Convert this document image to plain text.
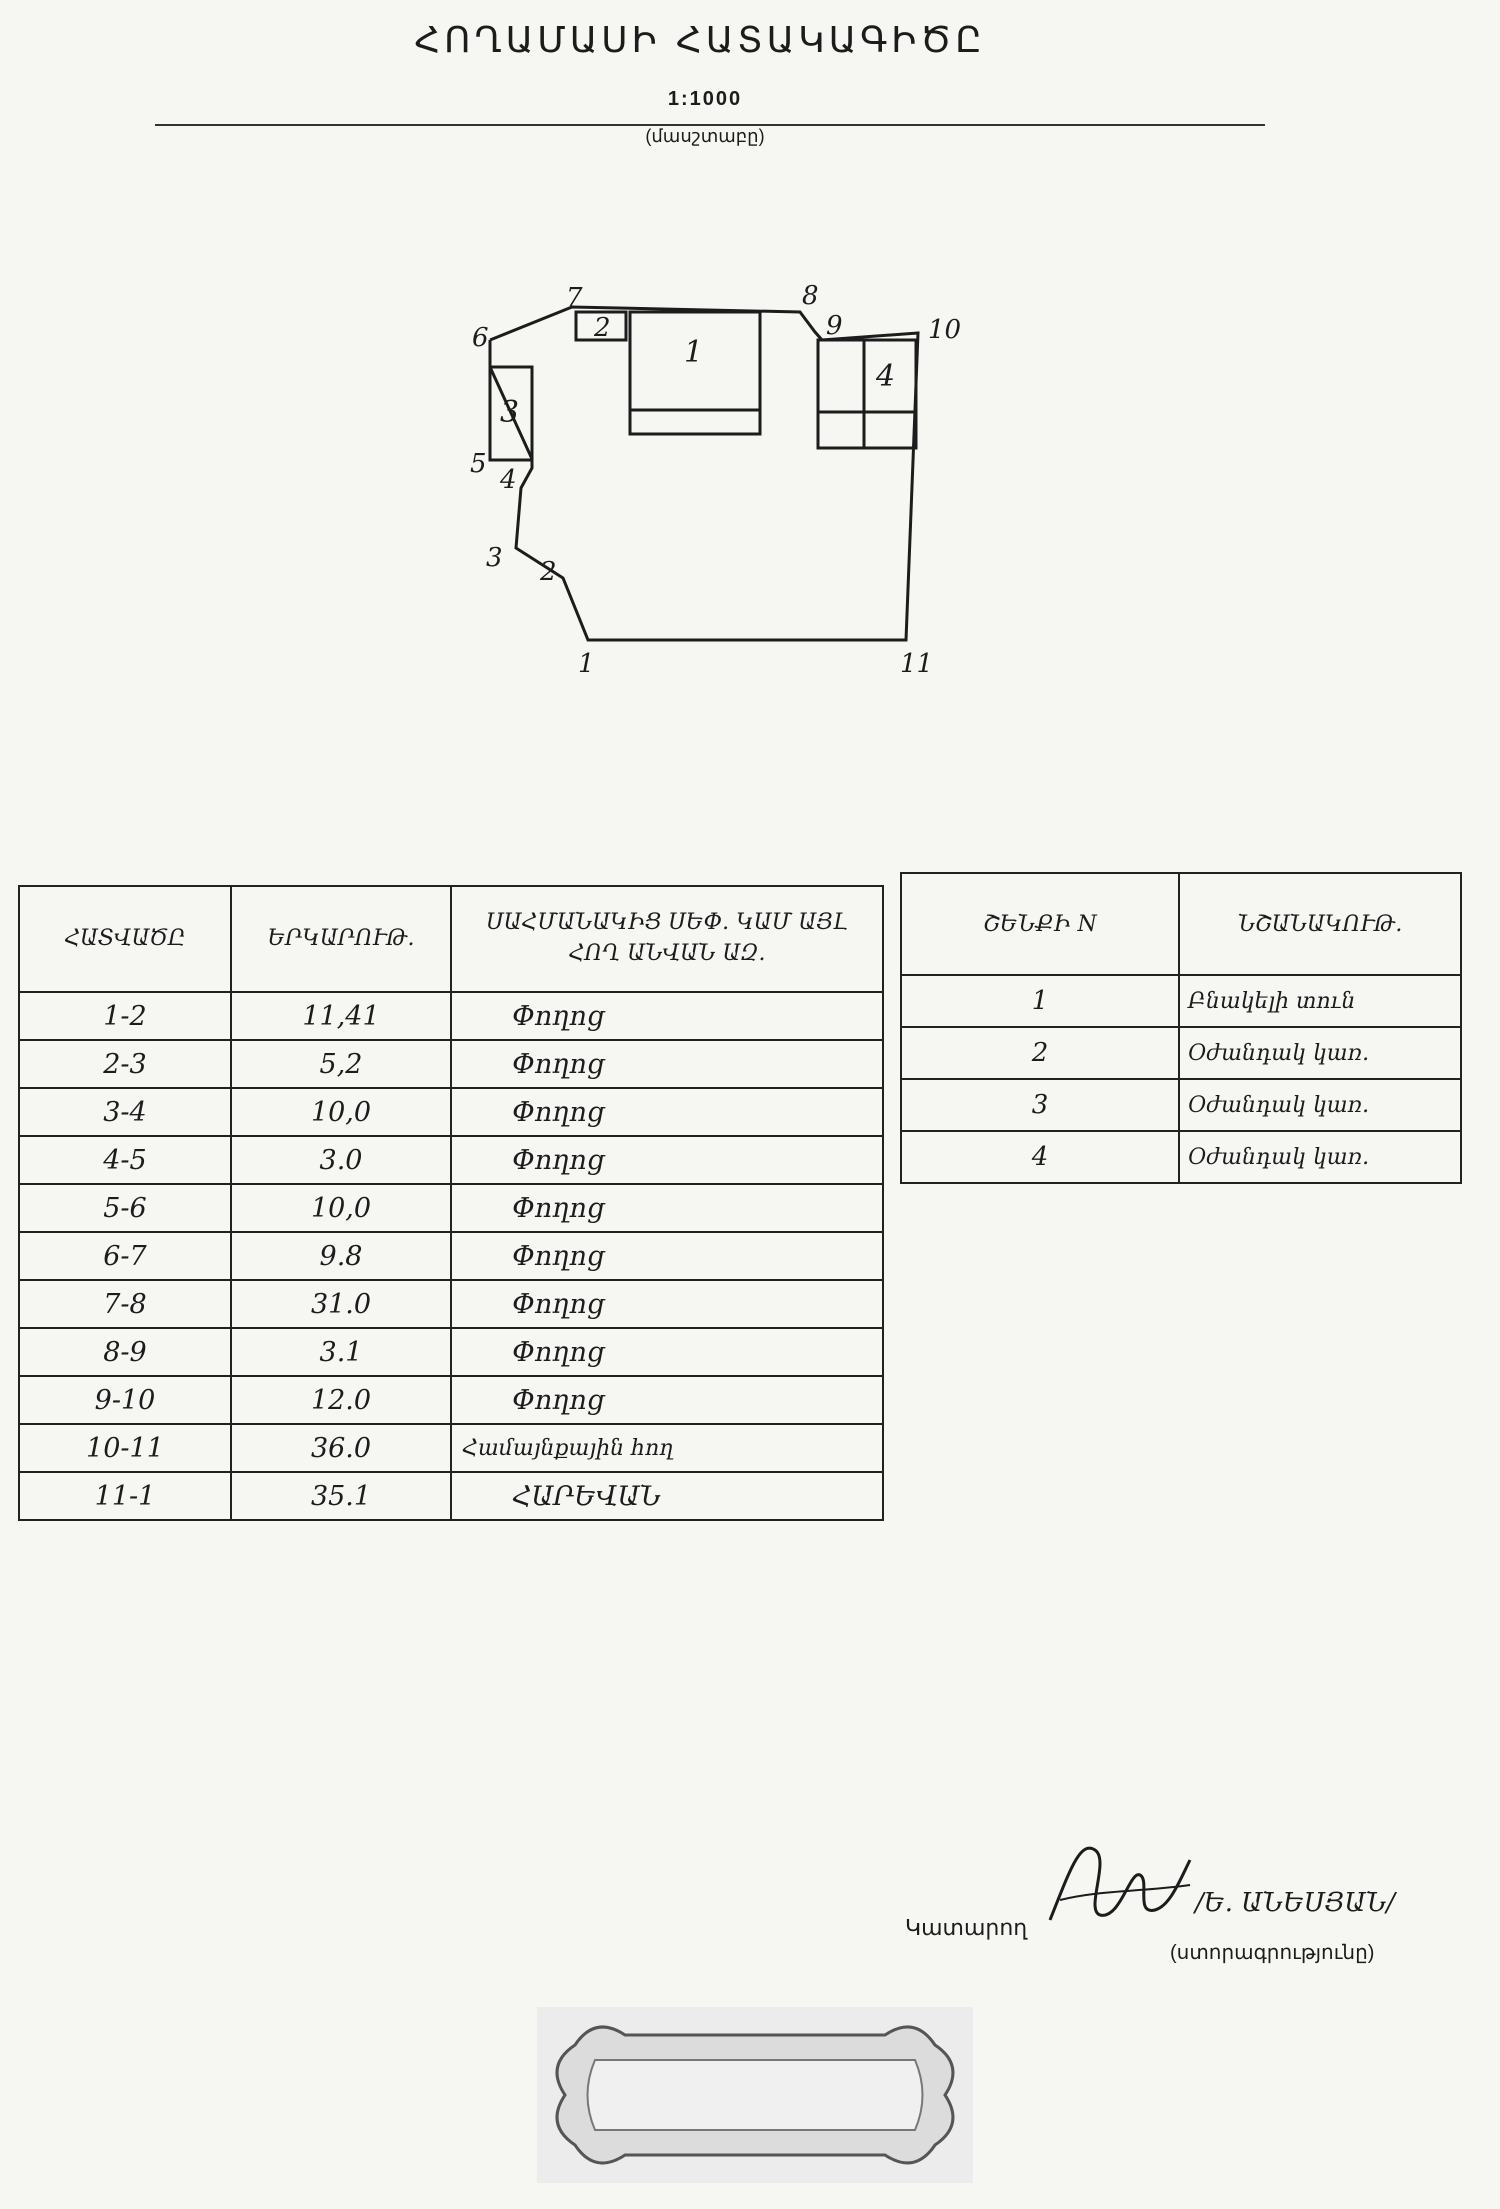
ՀՈՂԱՄԱՍԻ ՀԱՏԱԿԱԳԻԾԸ
1:1000
(մասշտաբը)
1
2
3
4
5
6
7	8
9	10
11
1
2
3
4
ՀԱՏՎԱԾԸ	ԵՐԿԱՐՈՒԹ.	ՍԱՀՄԱՆԱԿԻՑ ՍԵՓ. ԿԱՄ ԱՅԼ ՀՈՂ ԱՆՎԱՆ ԱԶ.
1-2	11,41	Փողոց
2-3	5,2	Փողոց
3-4	10,0	Փողոց
4-5	3.0	Փողոց
5-6	10,0	Փողոց
6-7	9.8	Փողոց
7-8	31.0	Փողոց
8-9	3.1	Փողոց
9-10	12.0	Փողոց
10-11	36.0	Համայնքային հող
11-1	35.1	ՀԱՐԵՎԱՆ
ՇԵՆՔԻ N	ՆՇԱՆԱԿՈՒԹ.
1	Բնակելի տուն
2	Օժանդակ կառ.
3	Օժանդակ կառ.
4	Օժանդակ կառ.
Կատարող
/Ե. ԱՆԵՍՅԱՆ/
(ստորագրությունը)
